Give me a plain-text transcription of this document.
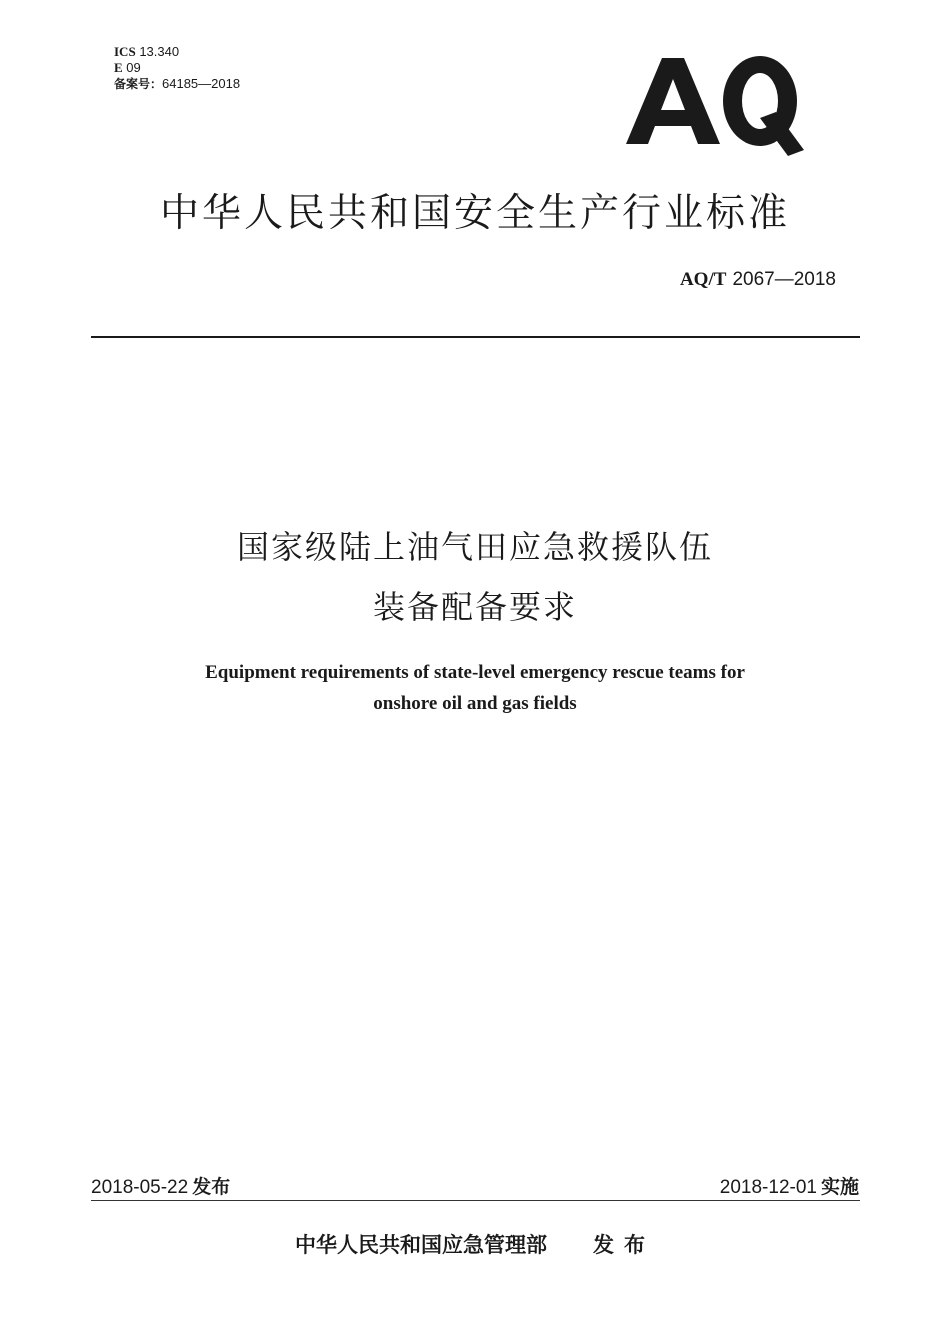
ICS 13.340
E 09
备案号：64185—2018
中华人民共和国安全生产行业标准
AQ/T 2067—2018
国家级陆上油气田应急救援队伍
装备配备要求
Equipment requirements of state-level emergency rescue teams for
onshore oil and gas fields
2018-05-22 发布	2018-12-01 实施
中华人民共和国应急管理部 发布
